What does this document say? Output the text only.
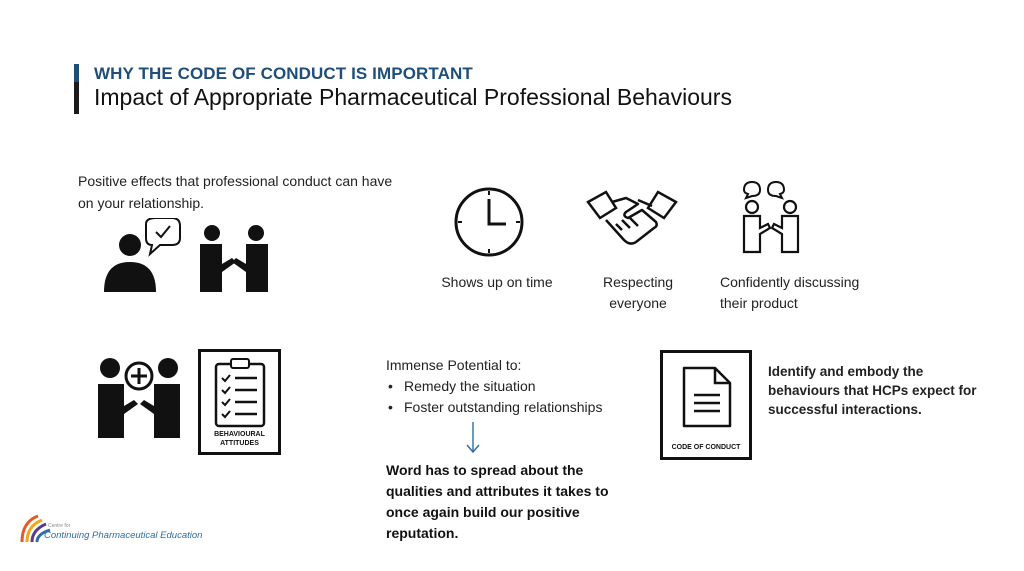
WHY THE CODE OF CONDUCT IS IMPORTANT
Impact of Appropriate Pharmaceutical Professional Behaviours
Positive effects that professional conduct can have on your relationship.
Shows up on time	Respecting everyone
Confidently discussing their product
BEHAVIOURAL ATTITUDES
Immense Potential to:
• Remedy the situation
• Foster outstanding relationships
Word has to spread about the qualities and attributes it takes to once again build our positive reputation.
CODE OF CONDUCT
Identify and embody the behaviours that HCPs expect for successful interactions.
Centre for
Continuing Pharmaceutical Education
